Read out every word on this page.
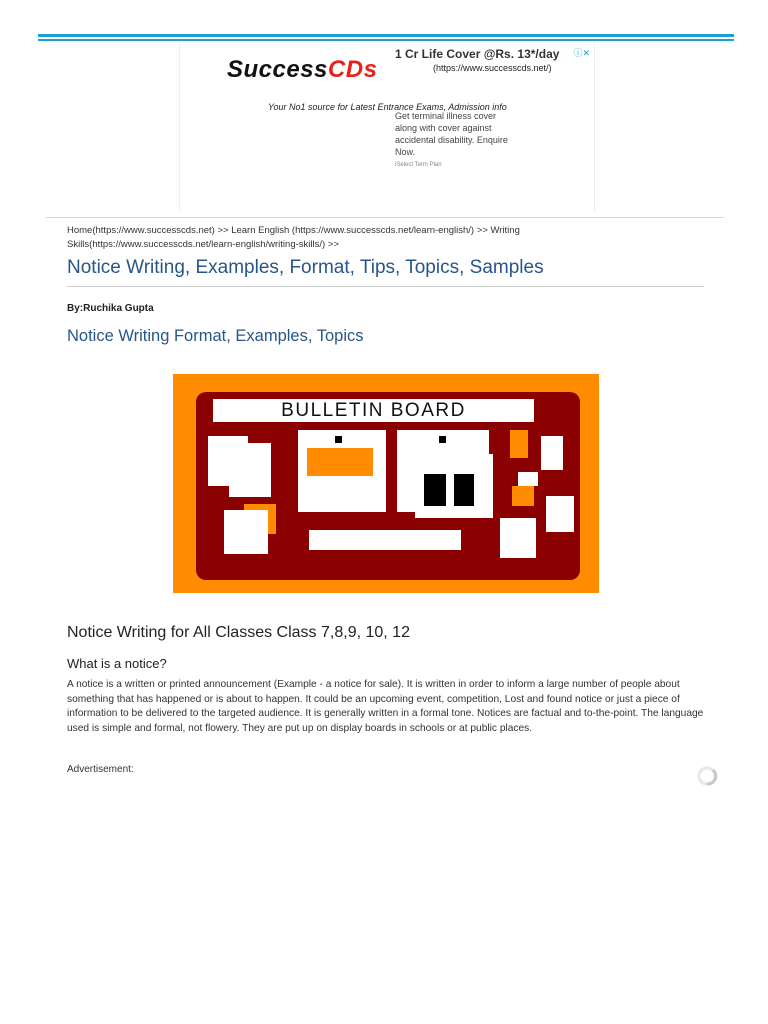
SuccessCDs	(https://www.successcds.net/)
Your No1 source for Latest Entrance Exams, Admission info
1 Cr Life Cover @Rs. 13*/day
Get terminal illness cover along with cover against accidental disability. Enquire Now.
iSelect Term Plan
ⓘ✕
Home(https://www.successcds.net) >> Learn English (https://www.successcds.net/learn-english/) >> Writing Skills(https://www.successcds.net/learn-english/writing-skills/) >>
Notice Writing, Examples, Format, Tips, Topics, Samples
By:Ruchika Gupta
Notice Writing Format, Examples, Topics
BULLETIN BOARD
Notice Writing for All Classes Class 7,8,9, 10, 12
What is a notice?

A notice is a written or printed announcement (Example - a notice for sale). It is written in order to inform a large number of people about something that has happened or is about to happen. It could be an upcoming event, competition, Lost and found notice or just a piece of information to be delivered to the targeted audience. It is generally written in a formal tone. Notices are factual and to-the-point. The language used is simple and formal, not flowery. They are put up on display boards in schools or at public places.

Advertisement:
